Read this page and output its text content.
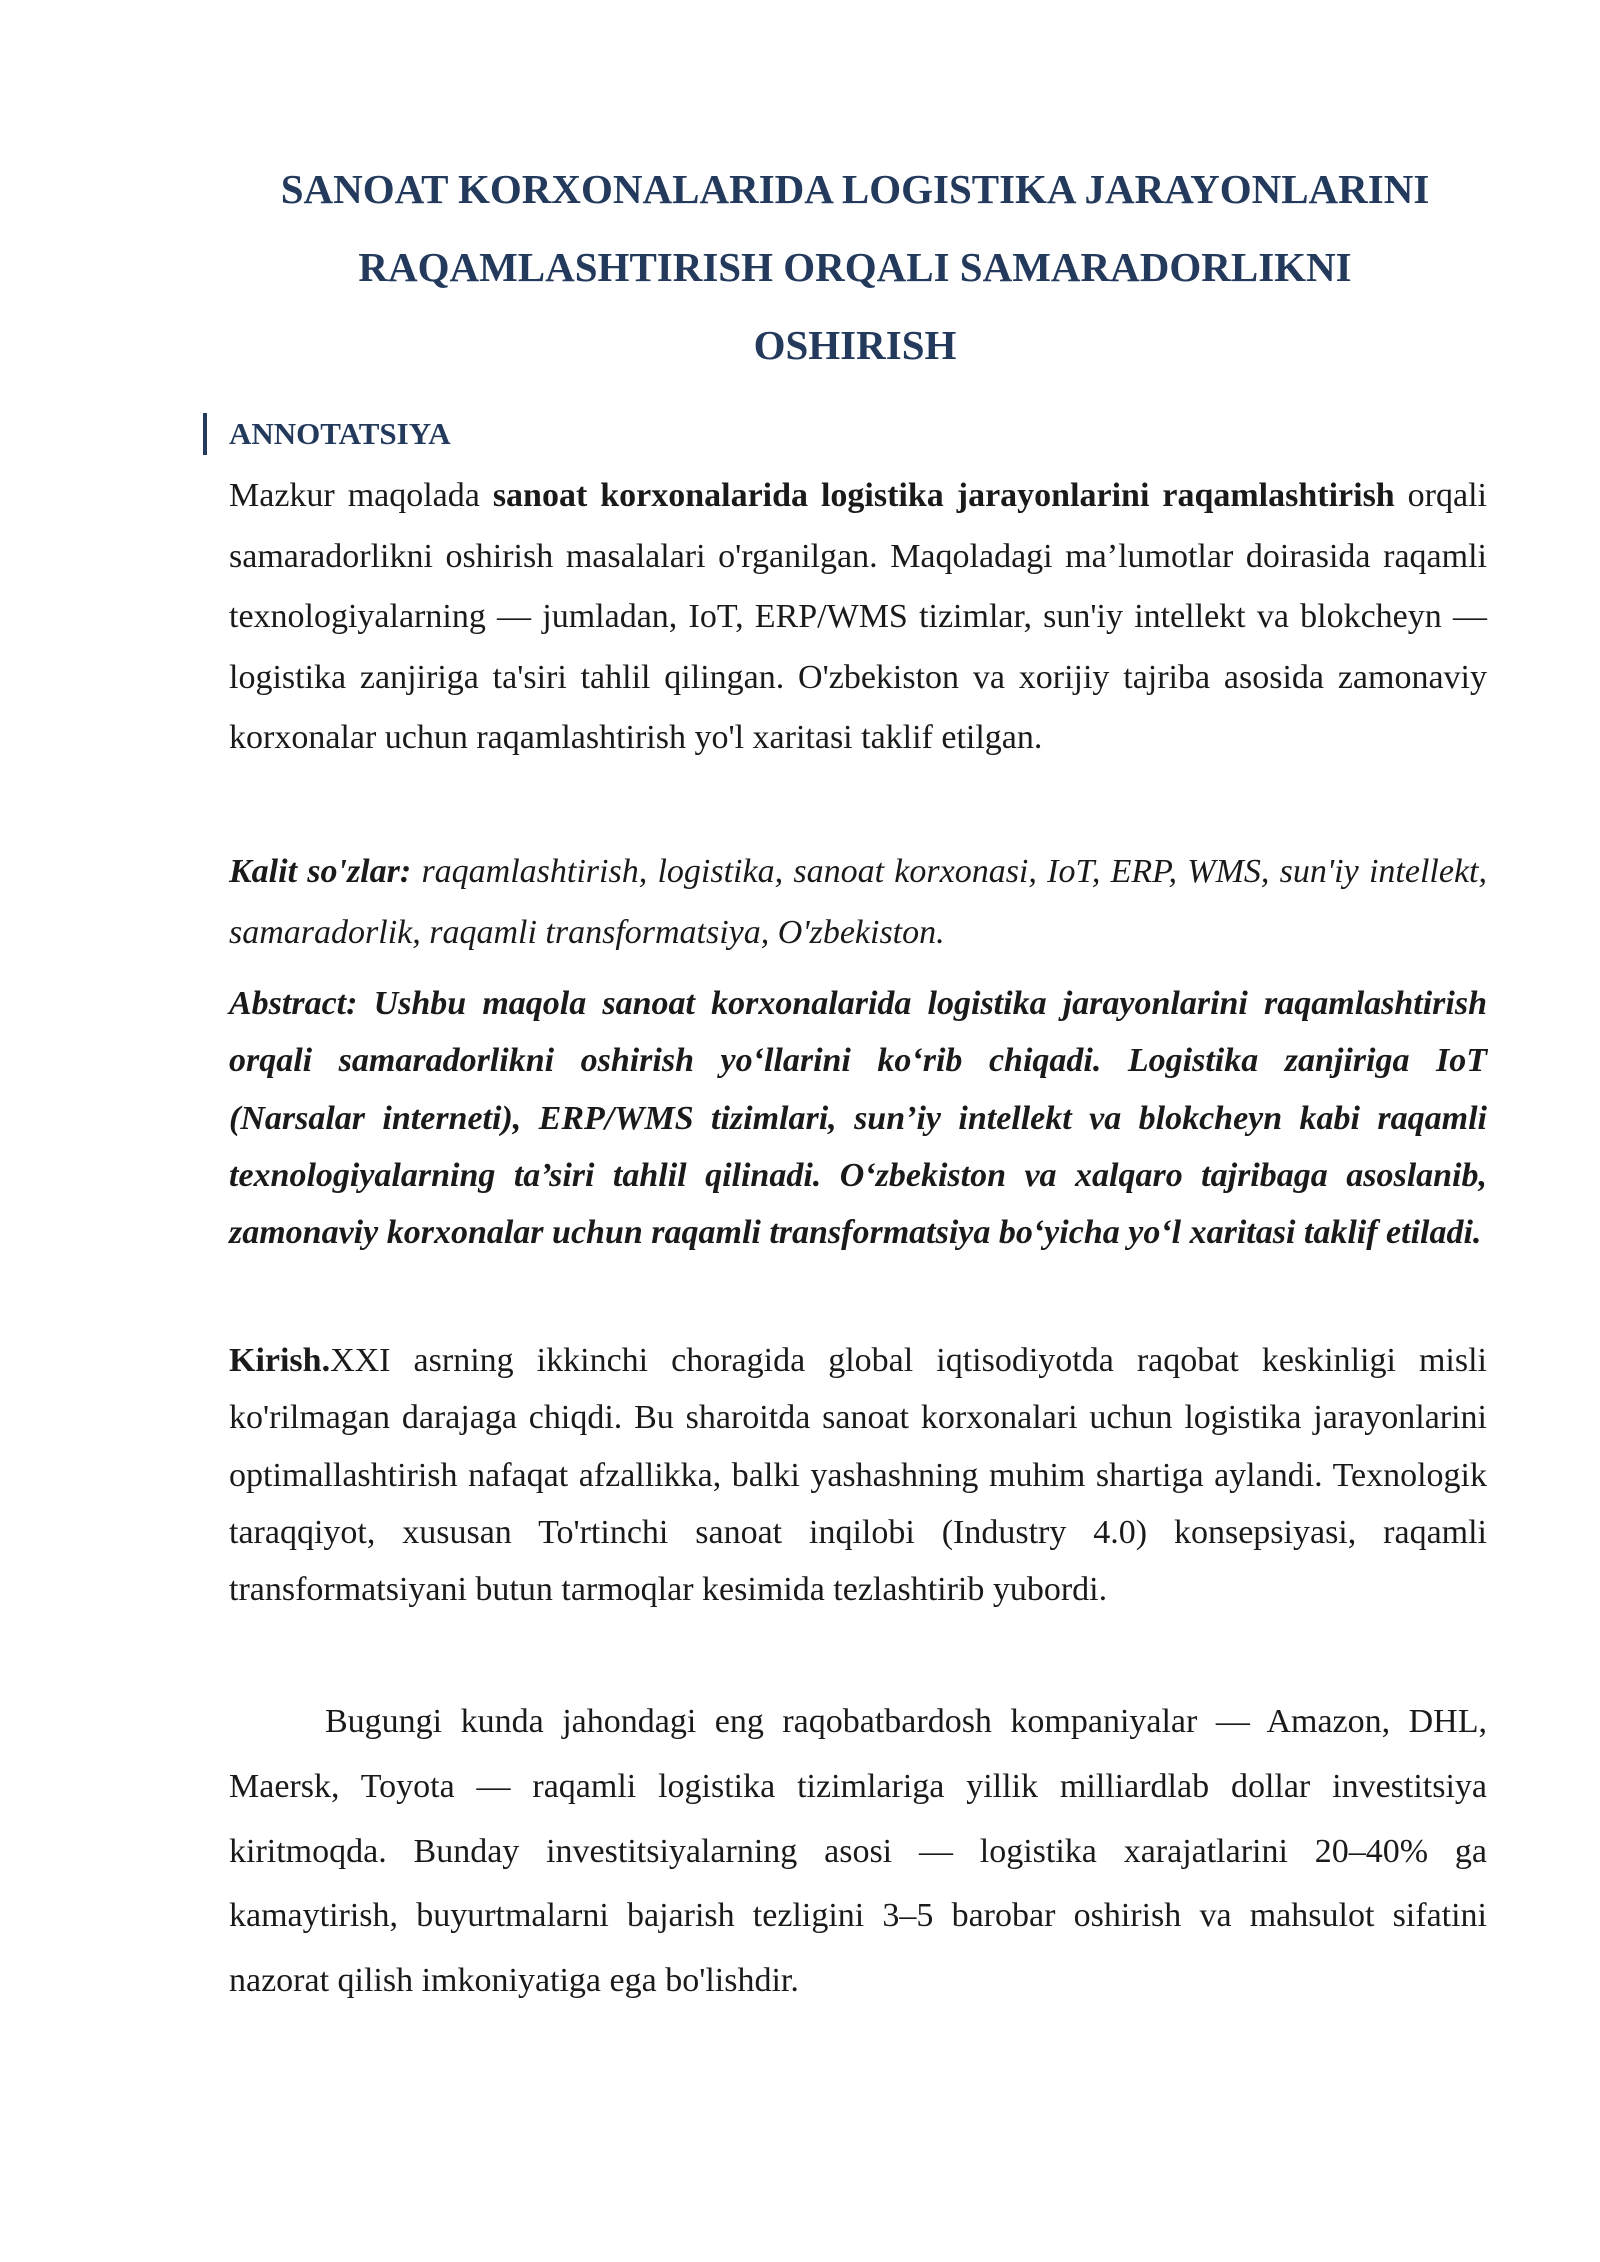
SANOAT KORXONALARIDA LOGISTIKA JARAYONLARINI
RAQAMLASHTIRISH ORQALI SAMARADORLIKNI
OSHIRISH
ANNOTATSIYA
Mazkur maqolada sanoat korxonalarida logistika jarayonlarini raqamlashtirish orqali samaradorlikni oshirish masalalari o'rganilgan. Maqoladagi ma’lumotlar doirasida raqamli texnologiyalarning — jumladan, IoT, ERP/WMS tizimlar, sun'iy intellekt va blokcheyn — logistika zanjiriga ta'siri tahlil qilingan. O'zbekiston va xorijiy tajriba asosida zamonaviy korxonalar uchun raqamlashtirish yo'l xaritasi taklif etilgan.
Kalit so'zlar: raqamlashtirish, logistika, sanoat korxonasi, IoT, ERP, WMS, sun'iy intellekt, samaradorlik, raqamli transformatsiya, O'zbekiston.
Abstract: Ushbu maqola sanoat korxonalarida logistika jarayonlarini raqamlashtirish orqali samaradorlikni oshirish yo‘llarini ko‘rib chiqadi. Logistika zanjiriga IoT (Narsalar interneti), ERP/WMS tizimlari, sun’iy intellekt va blokcheyn kabi raqamli texnologiyalarning ta’siri tahlil qilinadi. O‘zbekiston va xalqaro tajribaga asoslanib, zamonaviy korxonalar uchun raqamli transformatsiya bo‘yicha yo‘l xaritasi taklif etiladi.
Kirish.XXI asrning ikkinchi choragida global iqtisodiyotda raqobat keskinligi misli ko'rilmagan darajaga chiqdi. Bu sharoitda sanoat korxonalari uchun logistika jarayonlarini optimallashtirish nafaqat afzallikka, balki yashashning muhim shartiga aylandi. Texnologik taraqqiyot, xususan To'rtinchi sanoat inqilobi (Industry 4.0) konsepsiyasi, raqamli transformatsiyani butun tarmoqlar kesimida tezlashtirib yubordi.
Bugungi kunda jahondagi eng raqobatbardosh kompaniyalar — Amazon, DHL, Maersk, Toyota — raqamli logistika tizimlariga yillik milliardlab dollar investitsiya kiritmoqda. Bunday investitsiyalarning asosi — logistika xarajatlarini 20–40% ga kamaytirish, buyurtmalarni bajarish tezligini 3–5 barobar oshirish va mahsulot sifatini nazorat qilish imkoniyatiga ega bo'lishdir.
